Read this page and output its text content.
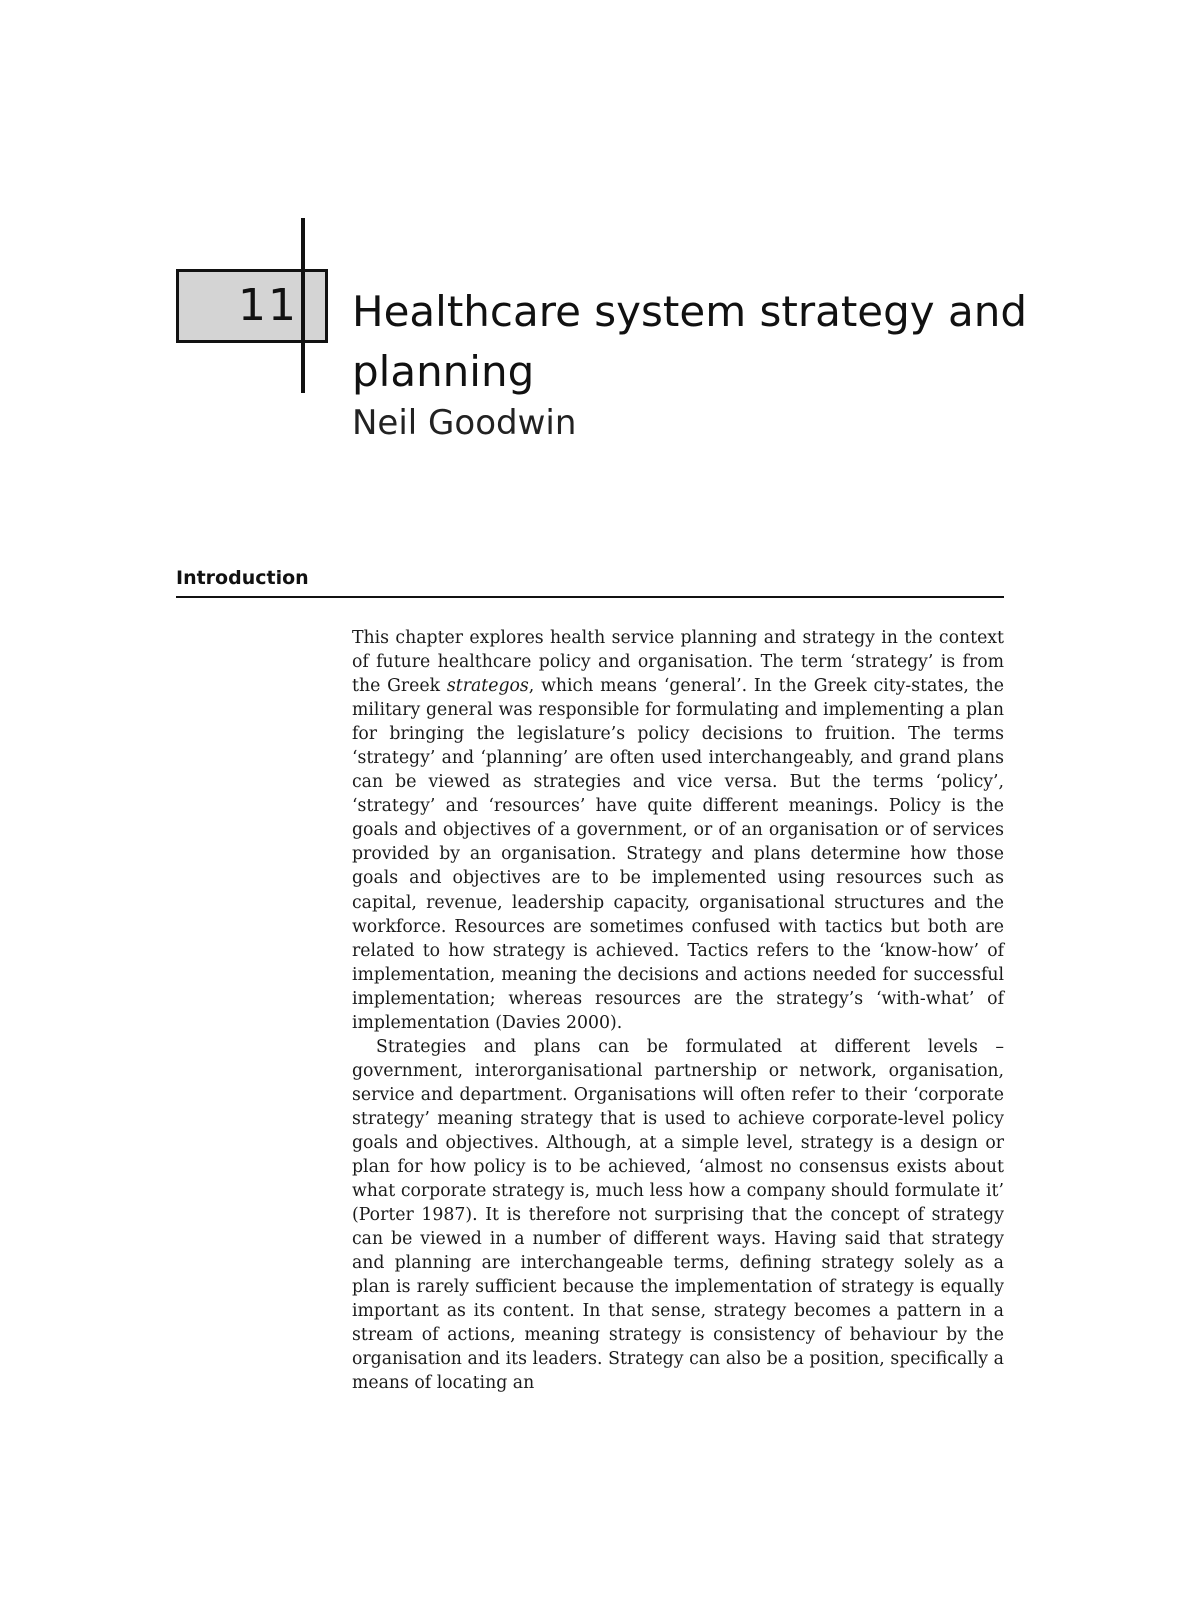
11 Healthcare system strategy and planning
Neil Goodwin
Introduction

This chapter explores health service planning and strategy in the context of future healthcare policy and organisation. The term ‘strategy’ is from the Greek strategos, which means ‘general’. In the Greek city-states, the military general was responsible for formulating and implementing a plan for bringing the legislature’s policy decisions to fruition. The terms ‘strategy’ and ‘planning’ are often used interchangeably, and grand plans can be viewed as strategies and vice versa. But the terms ‘policy’, ‘strategy’ and ‘resources’ have quite different meanings. Policy is the goals and objectives of a government, or of an organisation or of services provided by an organisation. Strategy and plans determine how those goals and objectives are to be implemented using resources such as capital, revenue, leadership capacity, organisational structures and the workforce. Resources are sometimes confused with tactics but both are related to how strategy is achieved. Tactics refers to the ‘know-how’ of implementation, meaning the decisions and actions needed for successful implementation; whereas resources are the strategy’s ‘with-what’ of implementation (Davies 2000).

Strategies and plans can be formulated at different levels – government, interorganisational partnership or network, organisation, service and department. Organisations will often refer to their ‘corporate strategy’ meaning strategy that is used to achieve corporate-level policy goals and objectives. Although, at a simple level, strategy is a design or plan for how policy is to be achieved, ‘almost no consensus exists about what corporate strategy is, much less how a company should formulate it’ (Porter 1987). It is therefore not surprising that the concept of strategy can be viewed in a number of different ways. Having said that strategy and planning are interchangeable terms, defining strategy solely as a plan is rarely sufficient because the implementation of strategy is equally important as its content. In that sense, strategy becomes a pattern in a stream of actions, meaning strategy is consistency of behaviour by the organisation and its leaders. Strategy can also be a position, specifically a means of locating an
